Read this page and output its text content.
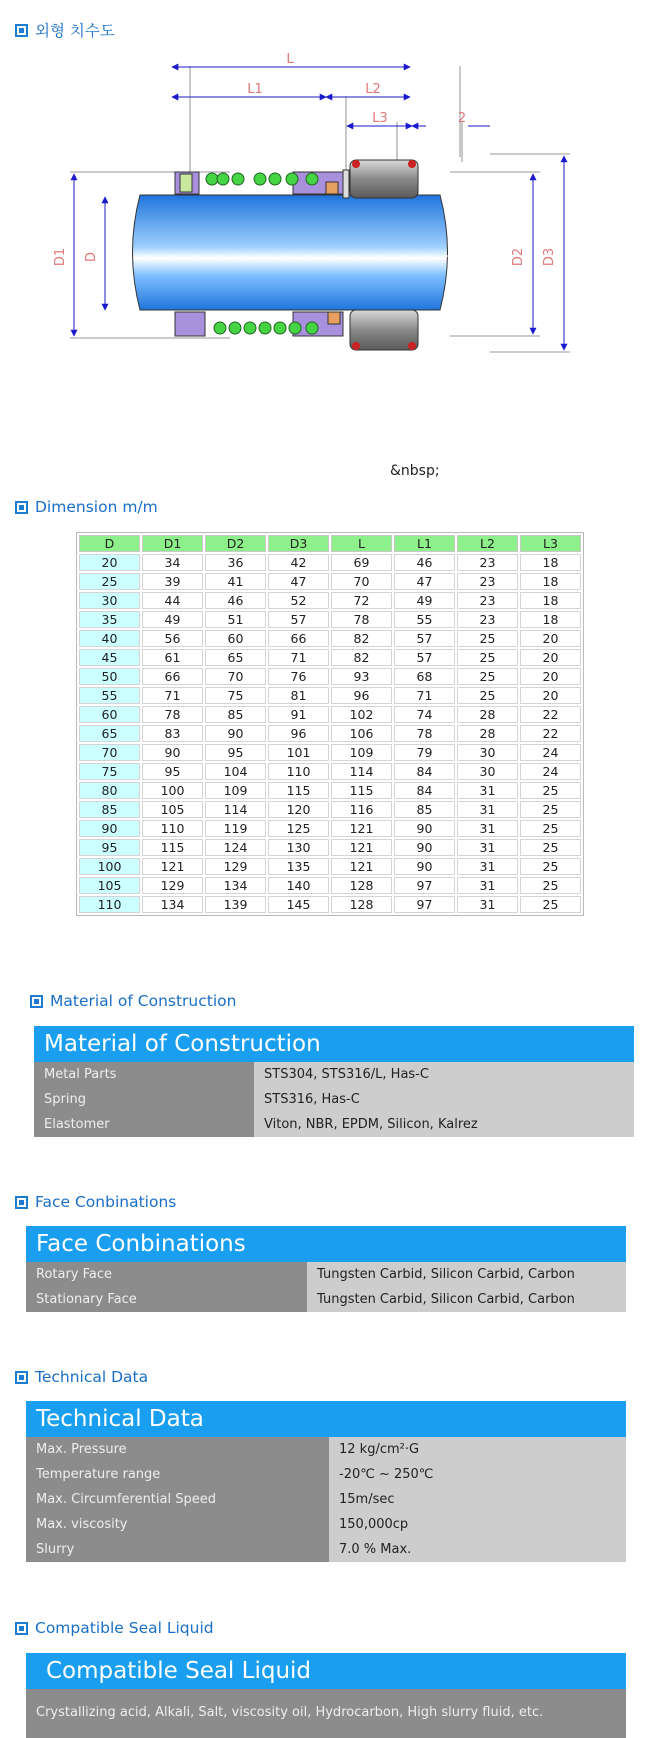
외형 치수도
L
L1	L2
L3	2
D1 D	D2 D3
&nbsp;
Dimension m/m
D	D1	D2	D3	L	L1	L2	L3
20	34	36	42	69	46	23	18
25	39	41	47	70	47	23	18
30	44	46	52	72	49	23	18
35	49	51	57	78	55	23	18
40	56	60	66	82	57	25	20
45	61	65	71	82	57	25	20
50	66	70	76	93	68	25	20
55	71	75	81	96	71	25	20
60	78	85	91	102	74	28	22
65	83	90	96	106	78	28	22
70	90	95	101	109	79	30	24
75	95	104	110	114	84	30	24
80	100	109	115	115	84	31	25
85	105	114	120	116	85	31	25
90	110	119	125	121	90	31	25
95	115	124	130	121	90	31	25
100	121	129	135	121	90	31	25
105	129	134	140	128	97	31	25
110	134	139	145	128	97	31	25
Material of Construction
Material of Construction
Metal Parts	STS304, STS316/L, Has-C
Spring	STS316, Has-C
Elastomer	Viton, NBR, EPDM, Silicon, Kalrez
Face Conbinations
Face Conbinations
Rotary Face	Tungsten Carbid, Silicon Carbid, Carbon
Stationary Face	Tungsten Carbid, Silicon Carbid, Carbon
Technical Data
Technical Data
Max. Pressure	12 kg/cm²·G
Temperature range	-20℃ ~ 250℃
Max. Circumferential Speed	15m/sec
Max. viscosity	150,000cp
Slurry	7.0 % Max.
Compatible Seal Liquid
Compatible Seal Liquid
Crystallizing acid, Alkali, Salt, viscosity oil, Hydrocarbon, High slurry fluid, etc.
